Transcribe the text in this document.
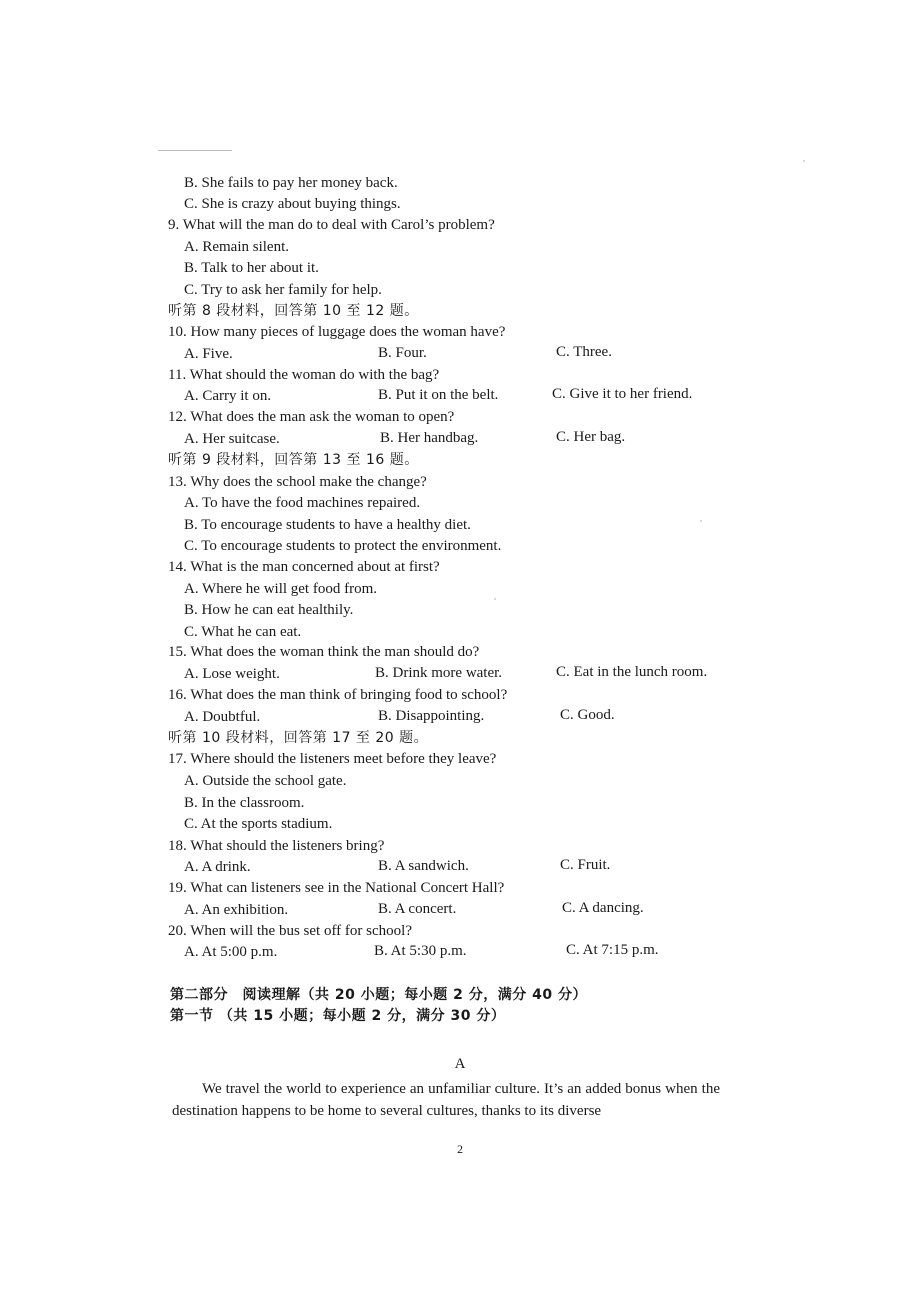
B. She fails to pay her money back.
C. She is crazy about buying things.
9. What will the man do to deal with Carol’s problem?
A. Remain silent.
B. Talk to her about it.
C. Try to ask her family for help.
听第 8 段材料，回答第 10 至 12 题。
10. How many pieces of luggage does the woman have?
A. Five.	B. Four.	C. Three.
11. What should the woman do with the bag?
A. Carry it on.	B. Put it on the belt.	C. Give it to her friend.
12. What does the man ask the woman to open?
A. Her suitcase.	B. Her handbag.	C. Her bag.
听第 9 段材料，回答第 13 至 16 题。
13. Why does the school make the change?
A. To have the food machines repaired.
B. To encourage students to have a healthy diet.
C. To encourage students to protect the environment.
14. What is the man concerned about at first?
A. Where he will get food from.
B. How he can eat healthily.
C. What he can eat.
15. What does the woman think the man should do?
A. Lose weight.	B. Drink more water.	C. Eat in the lunch room.
16. What does the man think of bringing food to school?
A. Doubtful.	B. Disappointing.	C. Good.
听第 10 段材料，回答第 17 至 20 题。
17. Where should the listeners meet before they leave?
A. Outside the school gate.
B. In the classroom.
C. At the sports stadium.
18. What should the listeners bring?
A. A drink.	B. A sandwich.	C. Fruit.
19. What can listeners see in the National Concert Hall?
A. An exhibition.	B. A concert.	C. A dancing.
20. When will the bus set off for school?
A. At 5:00 p.m.	B. At 5:30 p.m.	C. At 7:15 p.m.
第二部分　阅读理解（共 20 小题；每小题 2 分，满分 40 分）
第一节 （共 15 小题；每小题 2 分，满分 30 分）
A
We travel the world to experience an unfamiliar culture. It’s an added bonus when the destination happens to be home to several cultures, thanks to its diverse
2
